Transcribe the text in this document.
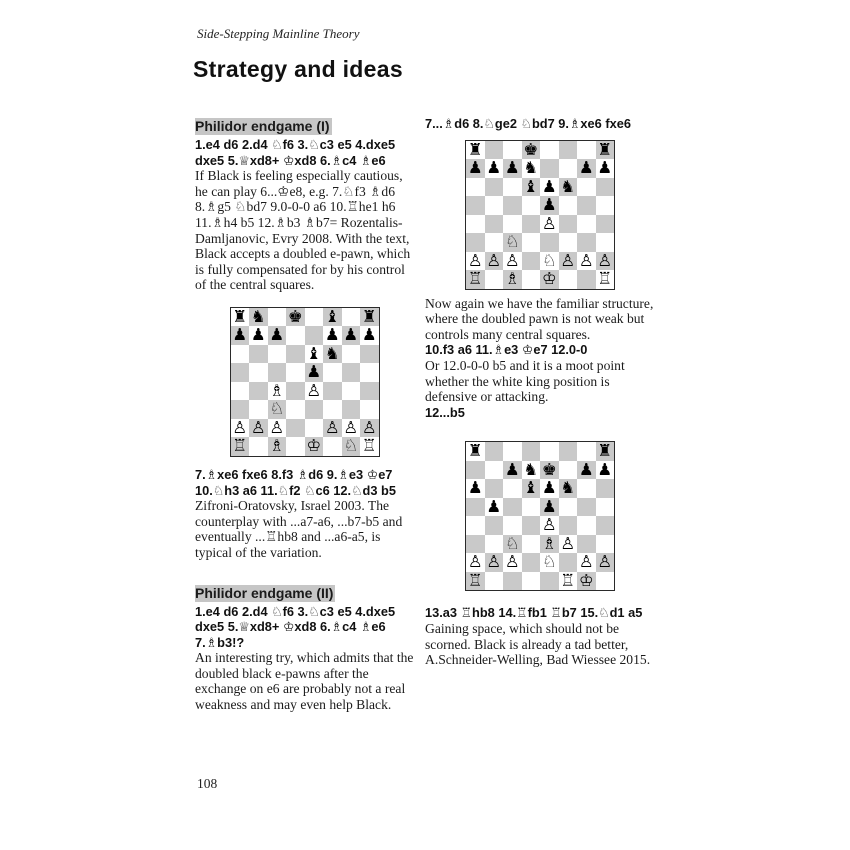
Side-Stepping Mainline Theory
Strategy and ideas

Philidor endgame (I)

1.e4 d6 2.d4 ♘f6 3.♘c3 e5 4.dxe5 dxe5 5.♕xd8+ ♔xd8 6.♗c4 ♗e6

If Black is feeling especially cautious, he can play 6...♔e8, e.g. 7.♘f3 ♗d6 8.♗g5 ♘bd7 9.0-0-0 a6 10.♖he1 h6 11.♗h4 b5 12.♗b3 ♗b7= Rozentalis-Damljanovic, Evry 2008. With the text, Black accepts a doubled e-pawn, which is fully compensated for by his control of the central squares.

♜ ♞ ♚ ♝ ♜
♟ ♟ ♟ ♟ ♟ ♟
♝ ♞
♟
♗ ♙
♘
♙ ♙ ♙ ♙ ♙ ♙
♖ ♗ ♔ ♘ ♖

7.♗xe6 fxe6 8.f3 ♗d6 9.♗e3 ♔e7 10.♘h3 a6 11.♘f2 ♘c6 12.♘d3 b5

Zifroni-Oratovsky, Israel 2003. The counterplay with ...a7-a6, ...b7-b5 and eventually ...♖hb8 and ...a6-a5, is typical of the variation.

Philidor endgame (II)

1.e4 d6 2.d4 ♘f6 3.♘c3 e5 4.dxe5 dxe5 5.♕xd8+ ♔xd8 6.♗c4 ♗e6 7.♗b3!?

An interesting try, which admits that the doubled black e-pawns after the exchange on e6 are probably not a real weakness and may even help Black.

7...♗d6 8.♘ge2 ♘bd7 9.♗xe6 fxe6

♜ ♚	♜
♟ ♟ ♟ ♞ ♟ ♟
♝ ♟ ♞
♟
♙
♘
♙ ♙ ♙ ♘ ♙ ♙ ♙
♖ ♗ ♔ ♖

Now again we have the familiar structure, where the doubled pawn is not weak but controls many central squares.

10.f3 a6 11.♗e3 ♔e7 12.0-0

Or 12.0-0-0 b5 and it is a moot point whether the white king position is defensive or attacking.

12...b5

♜	♜
♟ ♞ ♚ ♟ ♟
♟ ♝ ♟ ♞
♟ ♟
♙
♘ ♗ ♙
♙ ♙ ♙ ♘ ♙ ♙
♖	♖ ♔

13.a3 ♖hb8 14.♖fb1 ♖b7 15.♘d1 a5

Gaining space, which should not be scorned. Black is already a tad better, A.Schneider-Welling, Bad Wiessee 2015.

108
